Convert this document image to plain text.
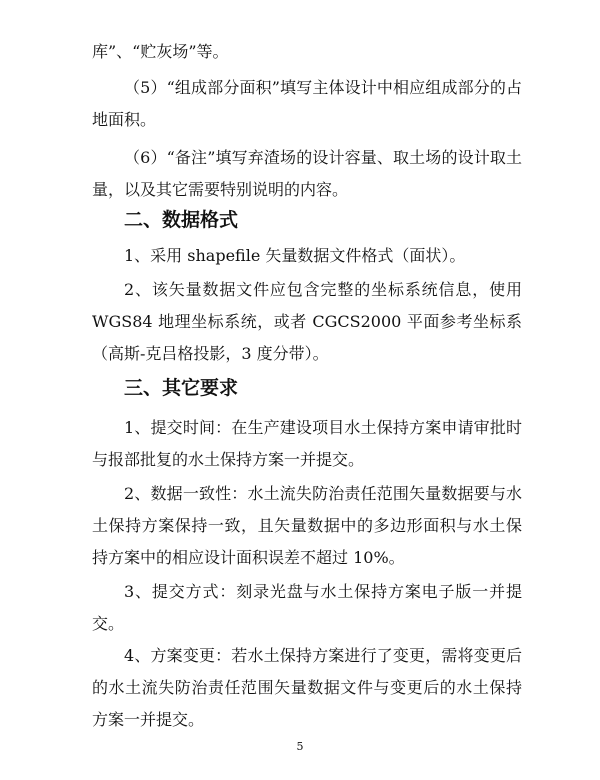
库”、“贮灰场”等。

（5）“组成部分面积”填写主体设计中相应组成部分的占地面积。

（6）“备注”填写弃渣场的设计容量、取土场的设计取土量，以及其它需要特别说明的内容。

二、数据格式

1、采用 shapefile 矢量数据文件格式（面状）。

2、该矢量数据文件应包含完整的坐标系统信息，使用 WGS84 地理坐标系统，或者 CGCS2000 平面参考坐标系（高斯-克吕格投影，3 度分带）。

三、其它要求

1、提交时间：在生产建设项目水土保持方案申请审批时与报部批复的水土保持方案一并提交。

2、数据一致性：水土流失防治责任范围矢量数据要与水土保持方案保持一致，且矢量数据中的多边形面积与水土保持方案中的相应设计面积误差不超过 10%。

3、提交方式：刻录光盘与水土保持方案电子版一并提交。

4、方案变更：若水土保持方案进行了变更，需将变更后的水土流失防治责任范围矢量数据文件与变更后的水土保持方案一并提交。

5
